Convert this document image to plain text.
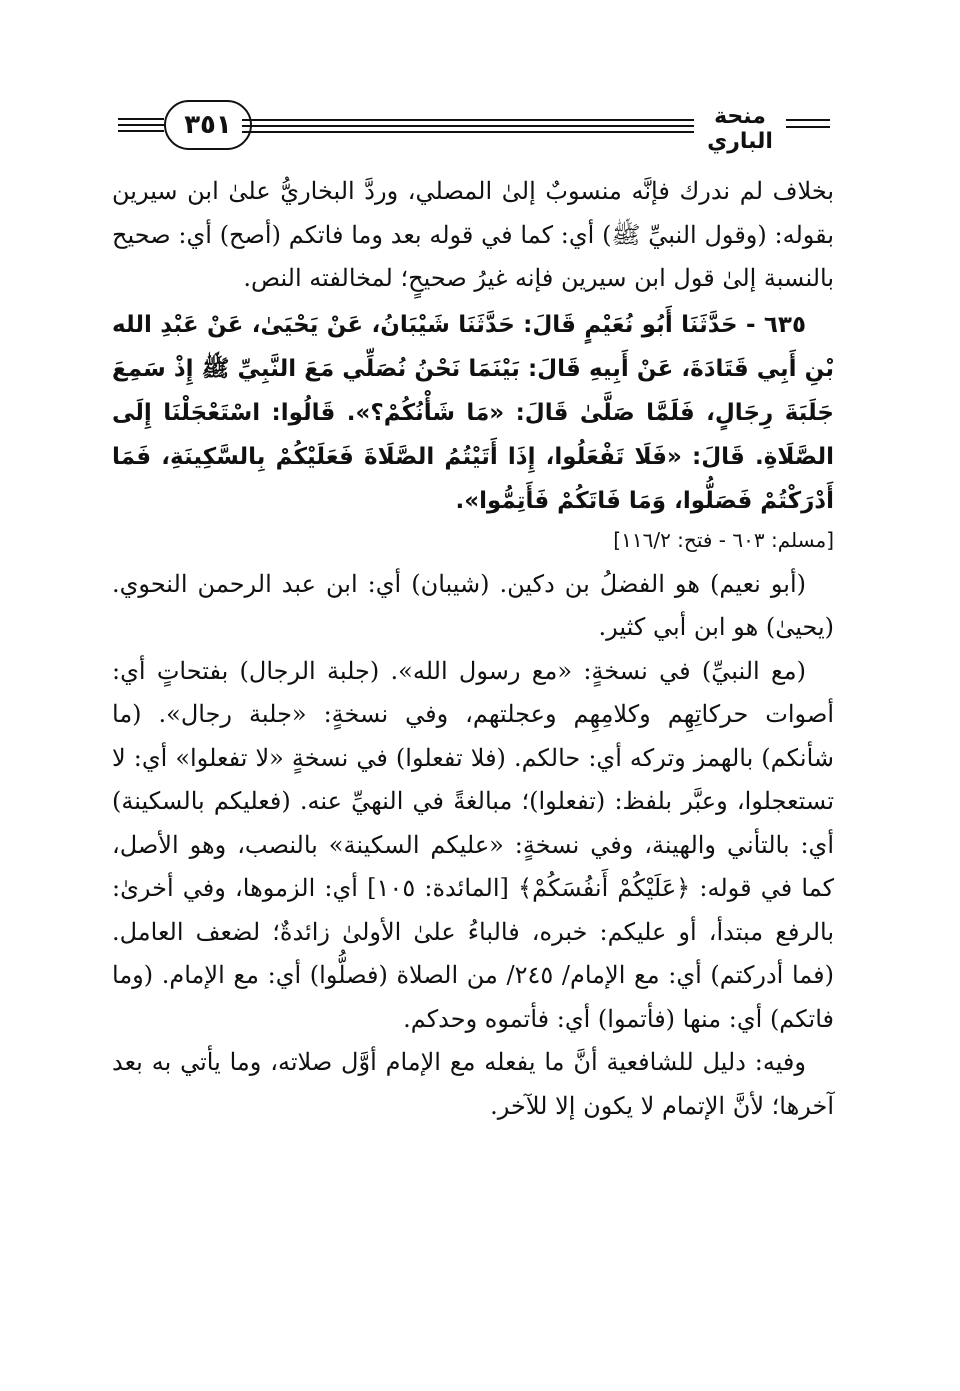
٣٥١	منحة الباري

بخلاف لم ندرك فإنَّه منسوبٌ إلىٰ المصلي، وردَّ البخاريُّ علىٰ ابن سيرين بقوله: (وقول النبيِّ ﷺ) أي: كما في قوله بعد وما فاتكم (أصح) أي: صحيح بالنسبة إلىٰ قول ابن سيرين فإنه غيرُ صحيحٍ؛ لمخالفته النص.

٦٣٥ - حَدَّثَنَا أَبُو نُعَيْمٍ قَالَ: حَدَّثَنَا شَيْبَانُ، عَنْ يَحْيَىٰ، عَنْ عَبْدِ الله بْنِ أَبِي قَتَادَةَ، عَنْ أَبِيهِ قَالَ: بَيْنَمَا نَحْنُ نُصَلِّي مَعَ النَّبِيِّ ﷺ إِذْ سَمِعَ جَلَبَةَ رِجَالٍ، فَلَمَّا صَلَّىٰ قَالَ: «مَا شَأْنُكُمْ؟». قَالُوا: اسْتَعْجَلْنَا إِلَى الصَّلَاةِ. قَالَ: «فَلَا تَفْعَلُوا، إِذَا أَتَيْتُمُ الصَّلَاةَ فَعَلَيْكُمْ بِالسَّكِينَةِ، فَمَا أَدْرَكْتُمْ فَصَلُّوا، وَمَا فَاتَكُمْ فَأَتِمُّوا».

[مسلم: ٦٠٣ - فتح: ١١٦/٢]

(أبو نعيم) هو الفضلُ بن دكين. (شيبان) أي: ابن عبد الرحمن النحوي. (يحيىٰ) هو ابن أبي كثير.

(مع النبيِّ) في نسخةٍ: «مع رسول الله». (جلبة الرجال) بفتحاتٍ أي: أصوات حركاتِهِم وكلامِهِم وعجلتهم، وفي نسخةٍ: «جلبة رجال». (ما شأنكم) بالهمز وتركه أي: حالكم. (فلا تفعلوا) في نسخةٍ «لا تفعلوا» أي: لا تستعجلوا، وعبَّر بلفظ: (تفعلوا)؛ مبالغةً في النهيِّ عنه. (فعليكم بالسكينة) أي: بالتأني والهينة، وفي نسخةٍ: «عليكم السكينة» بالنصب، وهو الأصل، كما في قوله: ﴿عَلَيْكُمْ أَنفُسَكُمْ﴾ [المائدة: ١٠٥] أي: الزموها، وفي أخرىٰ: بالرفع مبتدأ، أو عليكم: خبره، فالباءُ علىٰ الأولىٰ زائدةٌ؛ لضعف العامل. (فما أدركتم) أي: مع الإمام/ ٢٤٥/ من الصلاة (فصلُّوا) أي: مع الإمام. (وما فاتكم) أي: منها (فأتموا) أي: فأتموه وحدكم.

وفيه: دليل للشافعية أنَّ ما يفعله مع الإمام أوَّل صلاته، وما يأتي به بعد آخرها؛ لأنَّ الإتمام لا يكون إلا للآخر.
